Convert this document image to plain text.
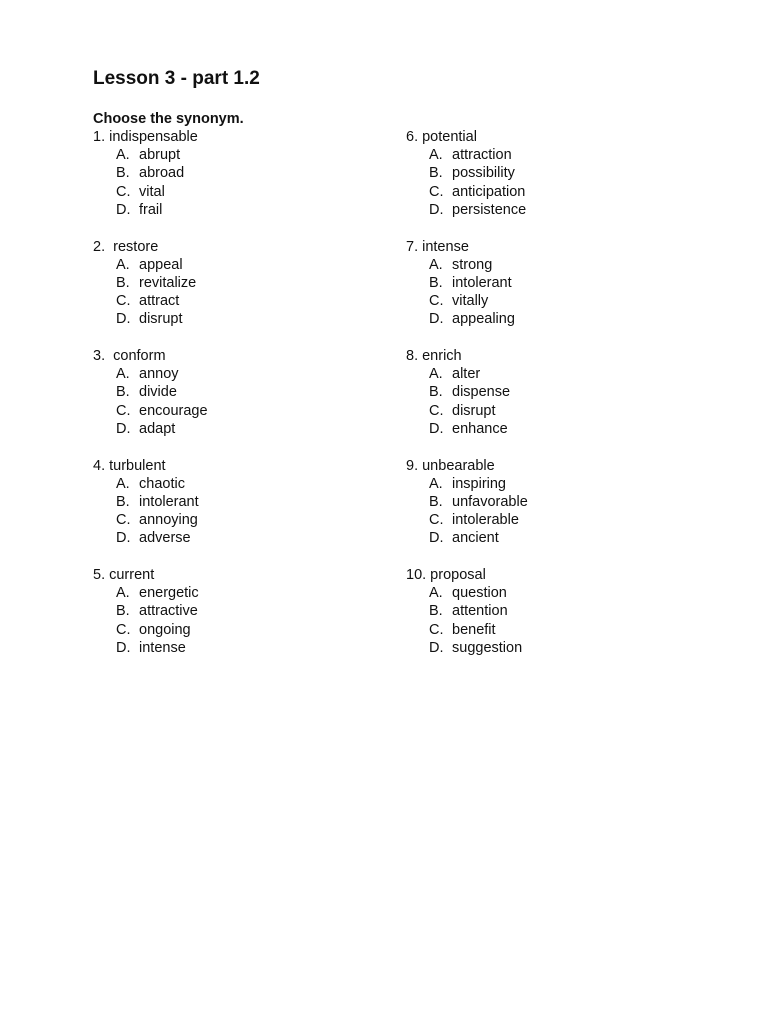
Lesson 3 - part 1.2
Choose the synonym.
1. indispensable
A. abrupt
B. abroad
C. vital
D. frail
2.  restore
A. appeal
B. revitalize
C. attract
D. disrupt
3.  conform
A. annoy
B. divide
C. encourage
D. adapt
4. turbulent
A. chaotic
B. intolerant
C. annoying
D. adverse
5. current
A. energetic
B. attractive
C. ongoing
D. intense
6. potential
A. attraction
B. possibility
C. anticipation
D. persistence
7. intense
A. strong
B. intolerant
C. vitally
D. appealing
8. enrich
A. alter
B. dispense
C. disrupt
D. enhance
9. unbearable
A. inspiring
B. unfavorable
C. intolerable
D. ancient
10. proposal
A. question
B. attention
C. benefit
D. suggestion
